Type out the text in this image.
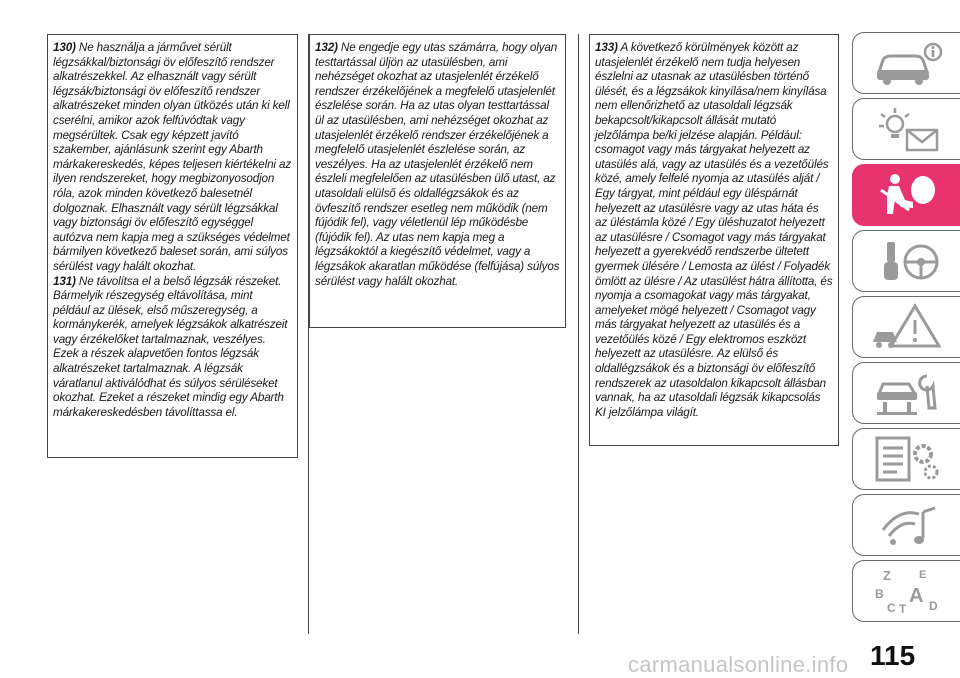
130) Ne használja a járművet sérült légzsákkal/biztonsági öv előfeszítő rendszer alkatrészekkel. Az elhasznált vagy sérült légzsák/biztonsági öv előfeszítő rendszer alkatrészeket minden olyan ütközés után ki kell cserélni, amikor azok felfúvódtak vagy megsérültek. Csak egy képzett javító szakember, ajánlásunk szerint egy Abarth márkakereskedés, képes teljesen kiértékelni az ilyen rendszereket, hogy megbizonyosodjon róla, azok minden következő balesetnél dolgoznak. Elhasznált vagy sérült légzsákkal vagy biztonsági öv előfeszítő egységgel autózva nem kapja meg a szükséges védelmet bármilyen következő baleset során, ami súlyos sérülést vagy halált okozhat.

131) Ne távolítsa el a belső légzsák részeket. Bármelyik részegység eltávolítása, mint például az ülések, első műszeregység, a kormánykerék, amelyek légzsákok alkatrészeit vagy érzékelőket tartalmaznak, veszélyes. Ezek a részek alapvetően fontos légzsák alkatrészeket tartalmaznak. A légzsák váratlanul aktiválódhat és súlyos sérüléseket okozhat. Ezeket a részeket mindig egy Abarth márkakereskedésben távolíttassa el.

132) Ne engedje egy utas számárra, hogy olyan testtartással üljön az utasülésben, ami nehézséget okozhat az utasjelenlét érzékelő rendszer érzékelőjének a megfelelő utasjelenlét észlelése során. Ha az utas olyan testtartással ül az utasülésben, ami nehézséget okozhat az utasjelenlét érzékelő rendszer érzékelőjének a megfelelő utasjelenlét észlelése során, az veszélyes. Ha az utasjelenlét érzékelő nem észleli megfelelően az utasülésben ülő utast, az utasoldali elülső és oldallégzsákok és az övfeszítő rendszer esetleg nem működik (nem fújódik fel), vagy véletlenül lép működésbe (fújódik fel). Az utas nem kapja meg a légzsákoktól a kiegészítő védelmet, vagy a légzsákok akaratlan működése (felfújása) súlyos sérülést vagy halált okozhat.

133) A következő körülmények között az utasjelenlét érzékelő nem tudja helyesen észlelni az utasnak az utasülésben történő ülését, és a légzsákok kinyílása/nem kinyílása nem ellenőrizhető az utasoldali légzsák bekapcsolt/kikapcsolt állását mutató jelzőlámpa be/ki jelzése alapján. Például: csomagot vagy más tárgyakat helyezett az utasülés alá, vagy az utasülés és a vezetőülés közé, amely felfelé nyomja az utasülés alját / Egy tárgyat, mint például egy üléspárnát helyezett az utasülésre vagy az utas háta és az üléstámla közé / Egy üléshuzatot helyezett az utasülésre / Csomagot vagy más tárgyakat helyezett a gyerekvédő rendszerbe ültetett gyermek ülésére / Lemosta az ülést / Folyadék ömlött az ülésre / Az utasülést hátra állította, és nyomja a csomagokat vagy más tárgyakat, amelyeket mögé helyezett / Csomagot vagy más tárgyakat helyezett az utasülés és a vezetőülés közé / Egy elektromos eszközt helyezett az utasülésre. Az elülső és oldallégzsákok és a biztonsági öv előfeszítő rendszerek az utasoldalon kikapcsolt állásban vannak, ha az utasoldali légzsák kikapcsolás KI jelzőlámpa világít.

Z	E
B A
C T D
115
carmanualsonline.info
